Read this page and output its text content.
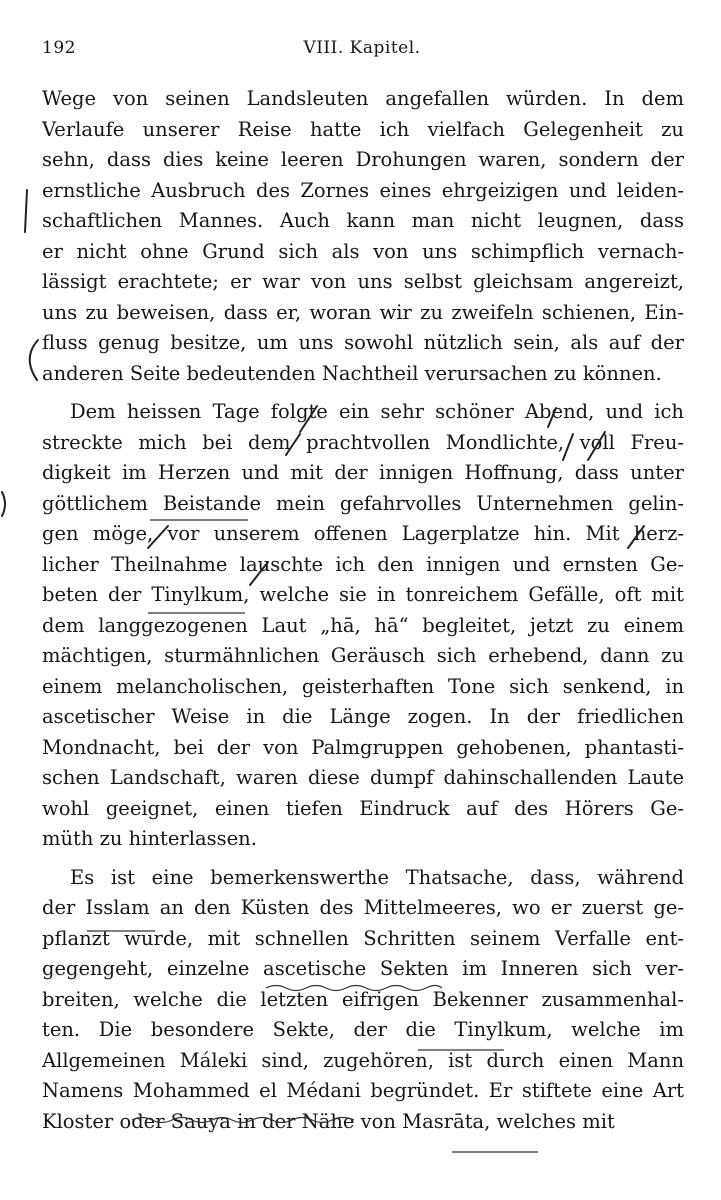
192	VIII. Kapitel.
Wege von seinen Landsleuten angefallen würden. In dem
Verlaufe unserer Reise hatte ich vielfach Gelegenheit zu
sehn, dass dies keine leeren Drohungen waren, sondern der
ernstliche Ausbruch des Zornes eines ehrgeizigen und leiden-
schaftlichen Mannes. Auch kann man nicht leugnen, dass
er nicht ohne Grund sich als von uns schimpflich vernach-
lässigt erachtete; er war von uns selbst gleichsam angereizt,
uns zu beweisen, dass er, woran wir zu zweifeln schienen, Ein-
fluss genug besitze, um uns sowohl nützlich sein, als auf der
anderen Seite bedeutenden Nachtheil verursachen zu können.
Dem heissen Tage folgte ein sehr schöner Abend, und ich
streckte mich bei dem prachtvollen Mondlichte, voll Freu-
digkeit im Herzen und mit der innigen Hoffnung, dass unter
göttlichem Beistande mein gefahrvolles Unternehmen gelin-
gen möge, vor unserem offenen Lagerplatze hin. Mit herz-
licher Theilnahme lauschte ich den innigen und ernsten Ge-
beten der Tinylkum, welche sie in tonreichem Gefälle, oft mit
dem langgezogenen Laut „hā, hā“ begleitet, jetzt zu einem
mächtigen, sturmähnlichen Geräusch sich erhebend, dann zu
einem melancholischen, geisterhaften Tone sich senkend, in
ascetischer Weise in die Länge zogen. In der friedlichen
Mondnacht, bei der von Palmgruppen gehobenen, phantasti-
schen Landschaft, waren diese dumpf dahinschallenden Laute
wohl geeignet, einen tiefen Eindruck auf des Hörers Ge-
müth zu hinterlassen.
Es ist eine bemerkenswerthe Thatsache, dass, während
der Isslam an den Küsten des Mittelmeeres, wo er zuerst ge-
pflanzt wurde, mit schnellen Schritten seinem Verfalle ent-
gegengeht, einzelne ascetische Sekten im Inneren sich ver-
breiten, welche die letzten eifrigen Bekenner zusammenhal-
ten. Die besondere Sekte, der die Tinylkum, welche im
Allgemeinen Máleki sind, zugehören, ist durch einen Mann
Namens Mohammed el Médani begründet. Er stiftete eine Art
Kloster oder Sauya in der Nähe von Masrāta, welches mit
